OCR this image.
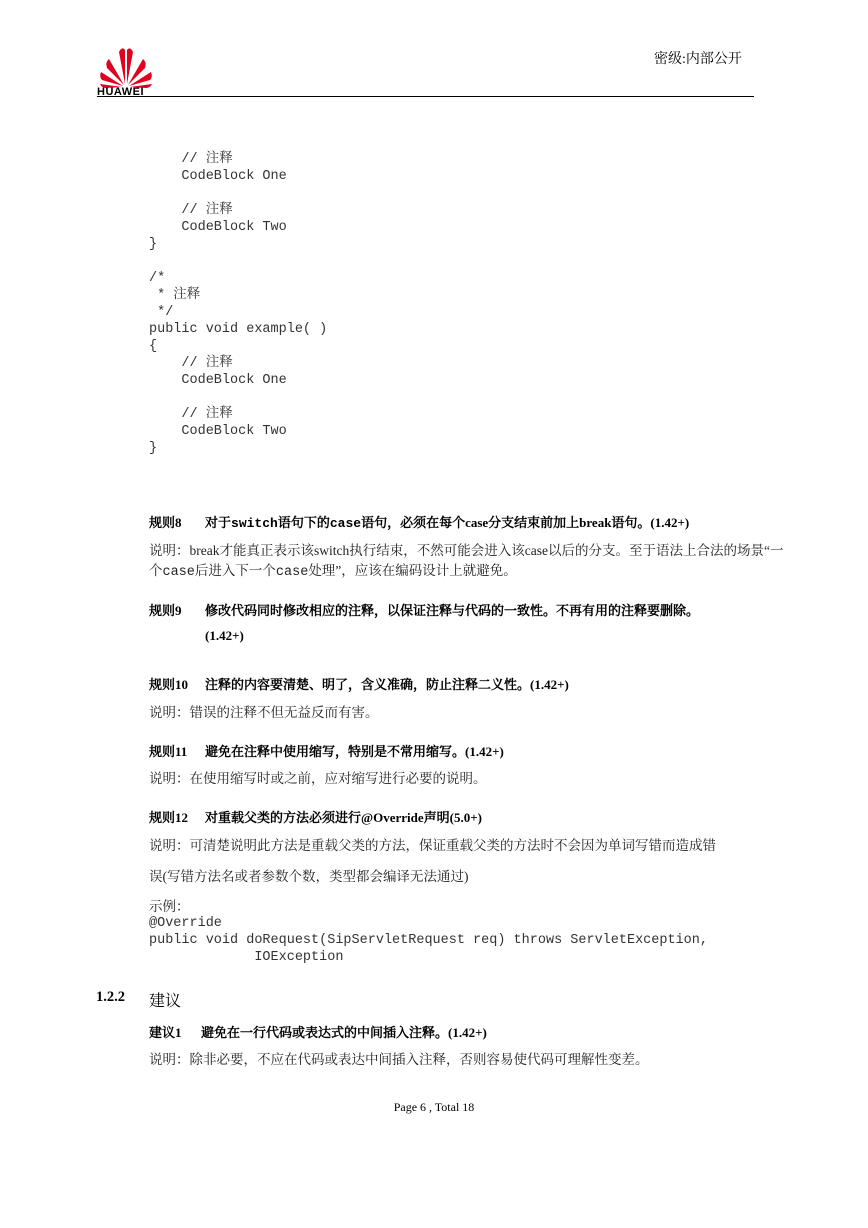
HUAWEI
密级:内部公开
// 注释
CodeBlock One

// 注释
CodeBlock Two
}

/*
* 注释
*/
public void example( )
{
// 注释
CodeBlock One

// 注释
CodeBlock Two
}
规则8 对于switch语句下的case语句，必须在每个case分支结束前加上break语句。(1.42+)
说明：break才能真正表示该switch执行结束，不然可能会进入该case以后的分支。至于语法上合法的场景“一个case后进入下一个case处理”，应该在编码设计上就避免。
规则9 修改代码同时修改相应的注释，以保证注释与代码的一致性。不再有用的注释要删除。
(1.42+)
规则10 注释的内容要清楚、明了，含义准确，防止注释二义性。(1.42+)
说明：错误的注释不但无益反而有害。
规则11 避免在注释中使用缩写，特别是不常用缩写。(1.42+)
说明：在使用缩写时或之前，应对缩写进行必要的说明。
规则12 对重载父类的方法必须进行@Override声明(5.0+)
说明：可清楚说明此方法是重载父类的方法，保证重载父类的方法时不会因为单词写错而造成错
误(写错方法名或者参数个数，类型都会编译无法通过)
示例：
@Override
public void doRequest(SipServletRequest req) throws ServletException,
IOException
1.2.2 建议
建议1 避免在一行代码或表达式的中间插入注释。(1.42+)
说明：除非必要，不应在代码或表达中间插入注释，否则容易使代码可理解性变差。
Page 6 , Total 18
